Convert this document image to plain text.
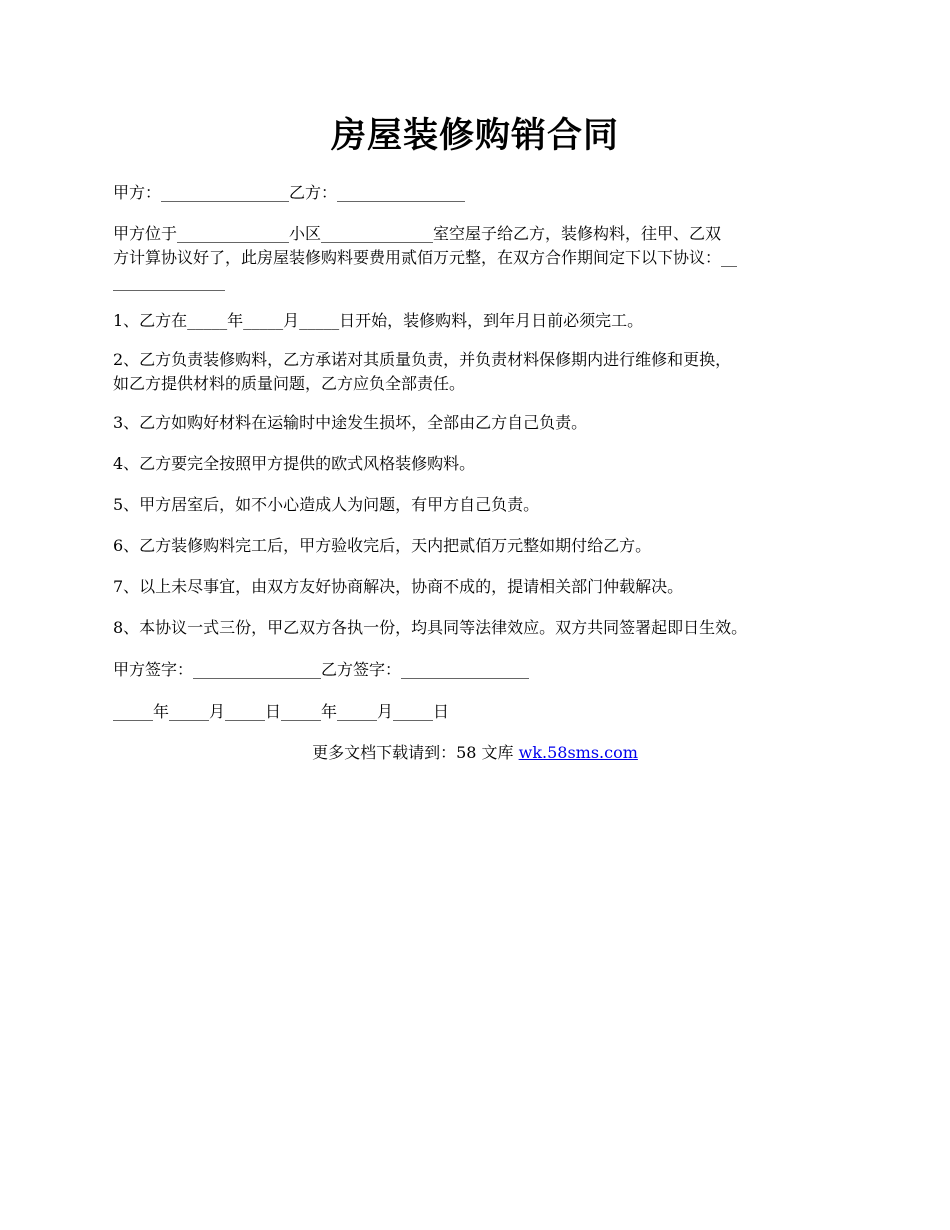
房屋装修购销合同
甲方：________________乙方：________________
甲方位于______________小区______________室空屋子给乙方，装修构料，往甲、乙双
方计算协议好了，此房屋装修购料要费用贰佰万元整，在双方合作期间定下以下协议：__
______________
1、乙方在_____年_____月_____日开始，装修购料，到年月日前必须完工。
2、乙方负责装修购料，乙方承诺对其质量负责，并负责材料保修期内进行维修和更换，
如乙方提供材料的质量问题，乙方应负全部责任。
3、乙方如购好材料在运输时中途发生损坏，全部由乙方自己负责。
4、乙方要完全按照甲方提供的欧式风格装修购料。
5、甲方居室后，如不小心造成人为问题，有甲方自己负责。
6、乙方装修购料完工后，甲方验收完后，天内把贰佰万元整如期付给乙方。
7、以上未尽事宜，由双方友好协商解决，协商不成的，提请相关部门仲载解决。
8、本协议一式三份，甲乙双方各执一份，均具同等法律效应。双方共同签署起即日生效。
甲方签字：________________乙方签字：________________
_____年_____月_____日_____年_____月_____日
更多文档下载请到：58 文库 wk.58sms.com
